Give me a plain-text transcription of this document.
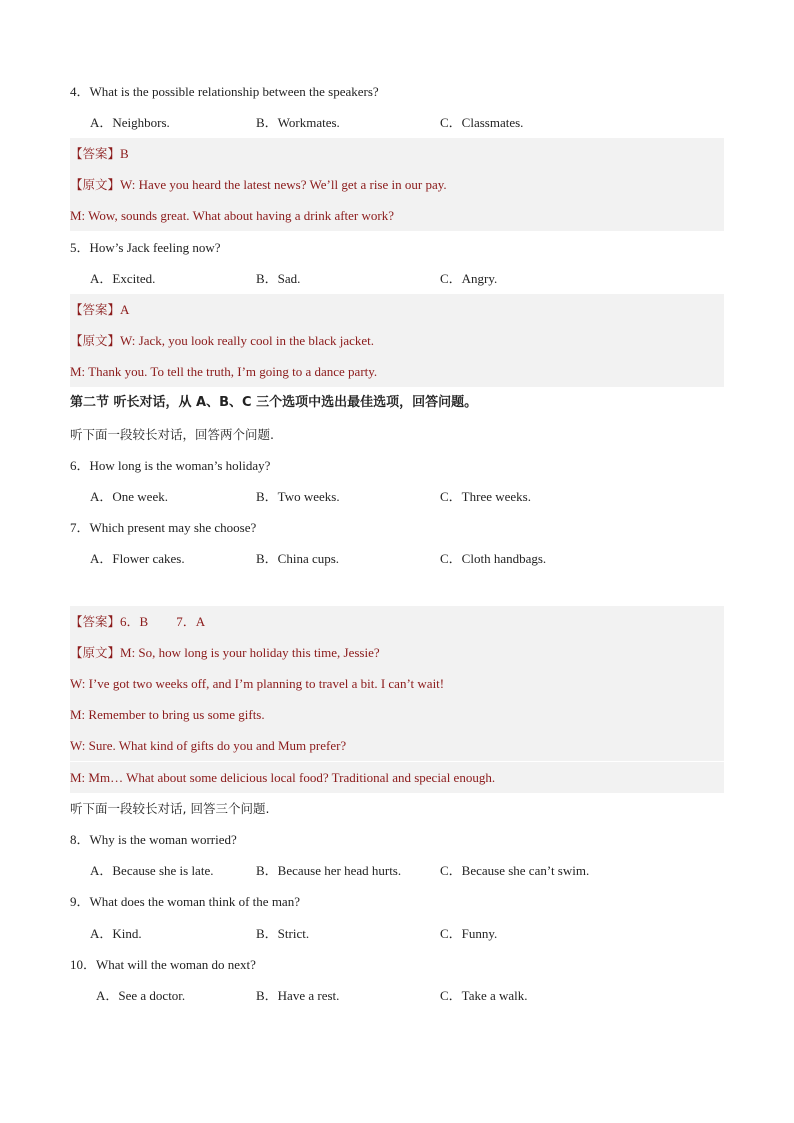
4．What is the possible relationship between the speakers?
A．Neighbors.	B．Workmates.	C．Classmates.
【答案】B
【原文】W: Have you heard the latest news? We’ll get a rise in our pay.
M: Wow, sounds great. What about having a drink after work?
5．How’s Jack feeling now?
A．Excited.	B．Sad.	C．Angry.
【答案】A
【原文】W: Jack, you look really cool in the black jacket.
M: Thank you. To tell the truth, I’m going to a dance party.
第二节 听长对话，从 A、B、C 三个选项中选出最佳选项，回答问题。
听下面一段较长对话，回答两个问题.
6．How long is the woman’s holiday?
A．One week.	B．Two weeks.	C．Three weeks.
7．Which present may she choose?
A．Flower cakes.	B．China cups.	C．Cloth handbags.
【答案】6．B 7．A
【原文】M: So, how long is your holiday this time, Jessie?
W: I’ve got two weeks off, and I’m planning to travel a bit. I can’t wait!
M: Remember to bring us some gifts.
W: Sure. What kind of gifts do you and Mum prefer?
M: Mm… What about some delicious local food? Traditional and special enough.
听下面一段较长对话, 回答三个问题.
8．Why is the woman worried?
A．Because she is late.	B．Because her head hurts.	C．Because she can’t swim.
9．What does the woman think of the man?
A．Kind.	B．Strict.	C．Funny.
10．What will the woman do next?
A．See a doctor.	B．Have a rest.	C．Take a walk.
